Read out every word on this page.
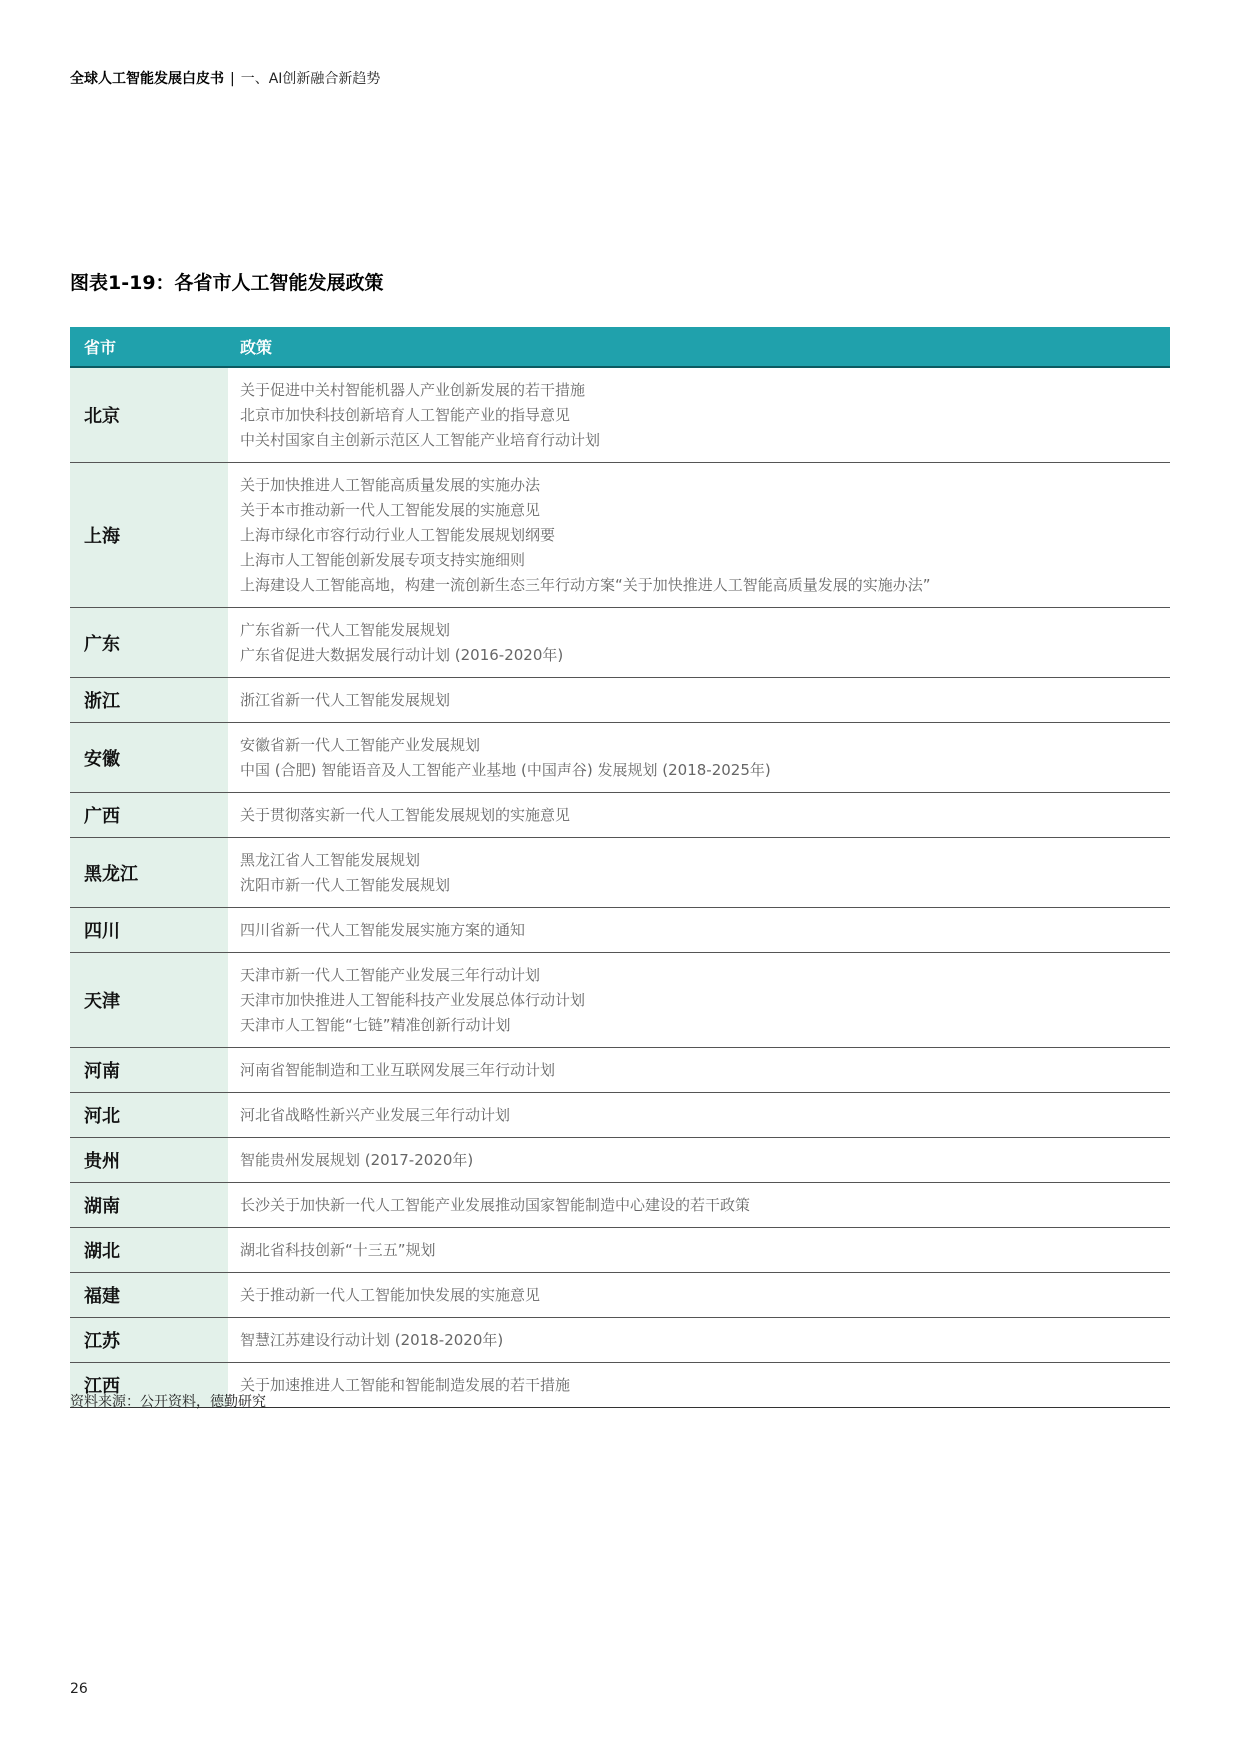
全球人工智能发展白皮书 | 一、AI创新融合新趋势
图表1-19：各省市人工智能发展政策
省市	政策
北京	关于促进中关村智能机器人产业创新发展的若干措施
北京市加快科技创新培育人工智能产业的指导意见
中关村国家自主创新示范区人工智能产业培育行动计划

上海	关于加快推进人工智能高质量发展的实施办法
关于本市推动新一代人工智能发展的实施意见
上海市绿化市容行动行业人工智能发展规划纲要
上海市人工智能创新发展专项支持实施细则
上海建设人工智能高地，构建一流创新生态三年行动方案“关于加快推进人工智能高质量发展的实施办法”

广东	广东省新一代人工智能发展规划
广东省促进大数据发展行动计划 (2016-2020年)

浙江	浙江省新一代人工智能发展规划

安徽	安徽省新一代人工智能产业发展规划
中国 (合肥) 智能语音及人工智能产业基地 (中国声谷) 发展规划 (2018-2025年)

广西	关于贯彻落实新一代人工智能发展规划的实施意见

黑龙江	黑龙江省人工智能发展规划
沈阳市新一代人工智能发展规划

四川	四川省新一代人工智能发展实施方案的通知

天津	天津市新一代人工智能产业发展三年行动计划
天津市加快推进人工智能科技产业发展总体行动计划
天津市人工智能“七链”精准创新行动计划

河南	河南省智能制造和工业互联网发展三年行动计划

河北	河北省战略性新兴产业发展三年行动计划

贵州	智能贵州发展规划 (2017-2020年)

湖南	长沙关于加快新一代人工智能产业发展推动国家智能制造中心建设的若干政策

湖北	湖北省科技创新“十三五”规划

福建	关于推动新一代人工智能加快发展的实施意见

江苏	智慧江苏建设行动计划 (2018-2020年)

江西	关于加速推进人工智能和智能制造发展的若干措施
资料来源：公开资料，德勤研究
26
